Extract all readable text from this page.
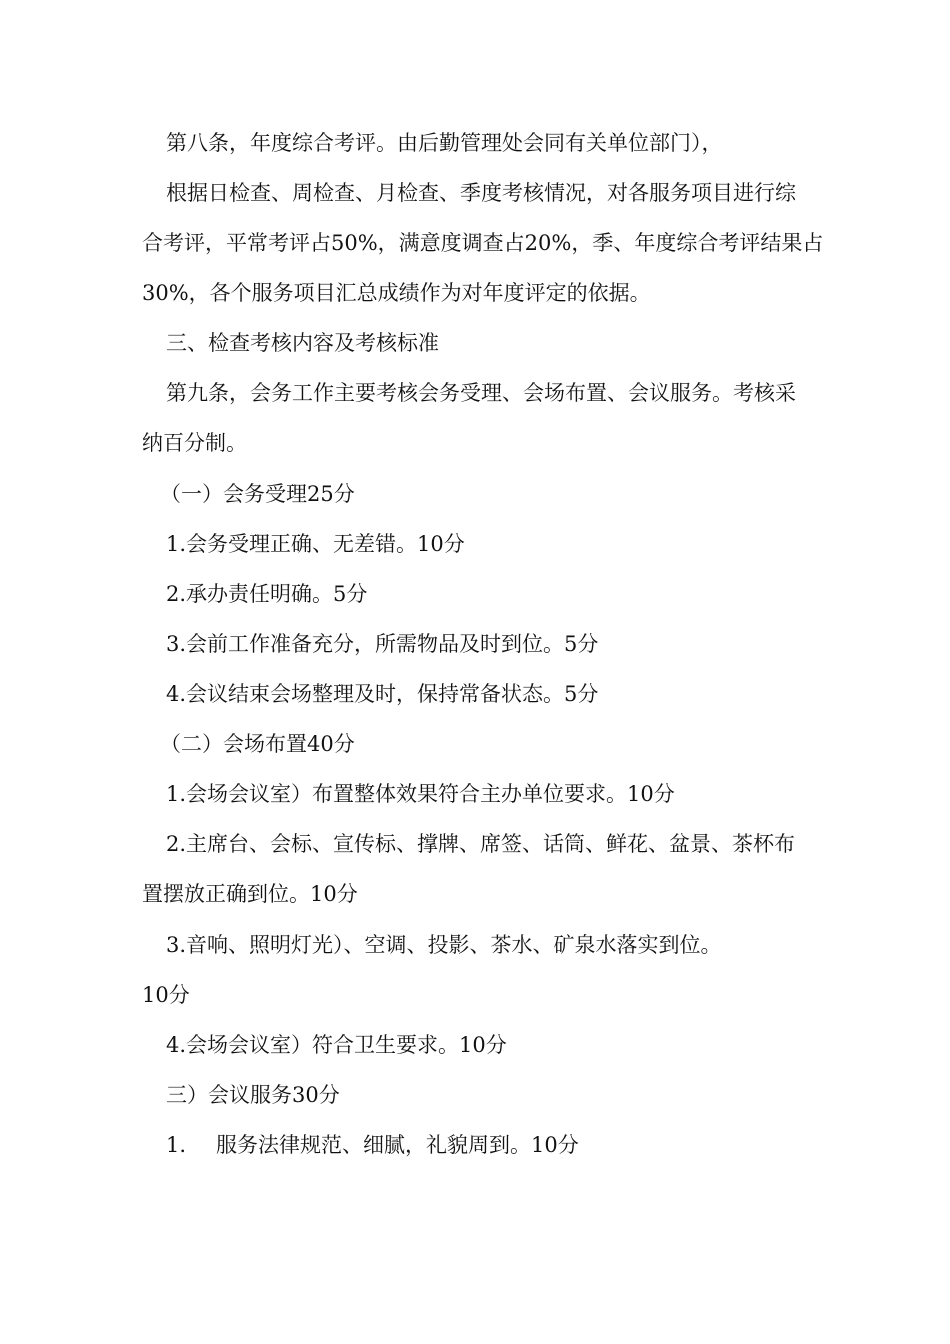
第八条，年度综合考评。由后勤管理处会同有关单位部门），
根据日检查、周检查、月检查、季度考核情况，对各服务项目进行综
合考评，平常考评占50%，满意度调查占20%，季、年度综合考评结果占
30%，各个服务项目汇总成绩作为对年度评定的依据。
三、检查考核内容及考核标准
第九条，会务工作主要考核会务受理、会场布置、会议服务。考核采
纳百分制。
（一）会务受理25分
1.会务受理正确、无差错。10分
2.承办责任明确。5分
3.会前工作准备充分，所需物品及时到位。5分
4.会议结束会场整理及时，保持常备状态。5分
（二）会场布置40分
1.会场会议室）布置整体效果符合主办单位要求。10分
2.主席台、会标、宣传标、撑牌、席签、话筒、鲜花、盆景、茶杯布
置摆放正确到位。10分
3.音响、照明灯光）、空调、投影、茶水、矿泉水落实到位。
10分
4.会场会议室）符合卫生要求。10分
三）会议服务30分
1. 服务法律规范、细腻，礼貌周到。10分
